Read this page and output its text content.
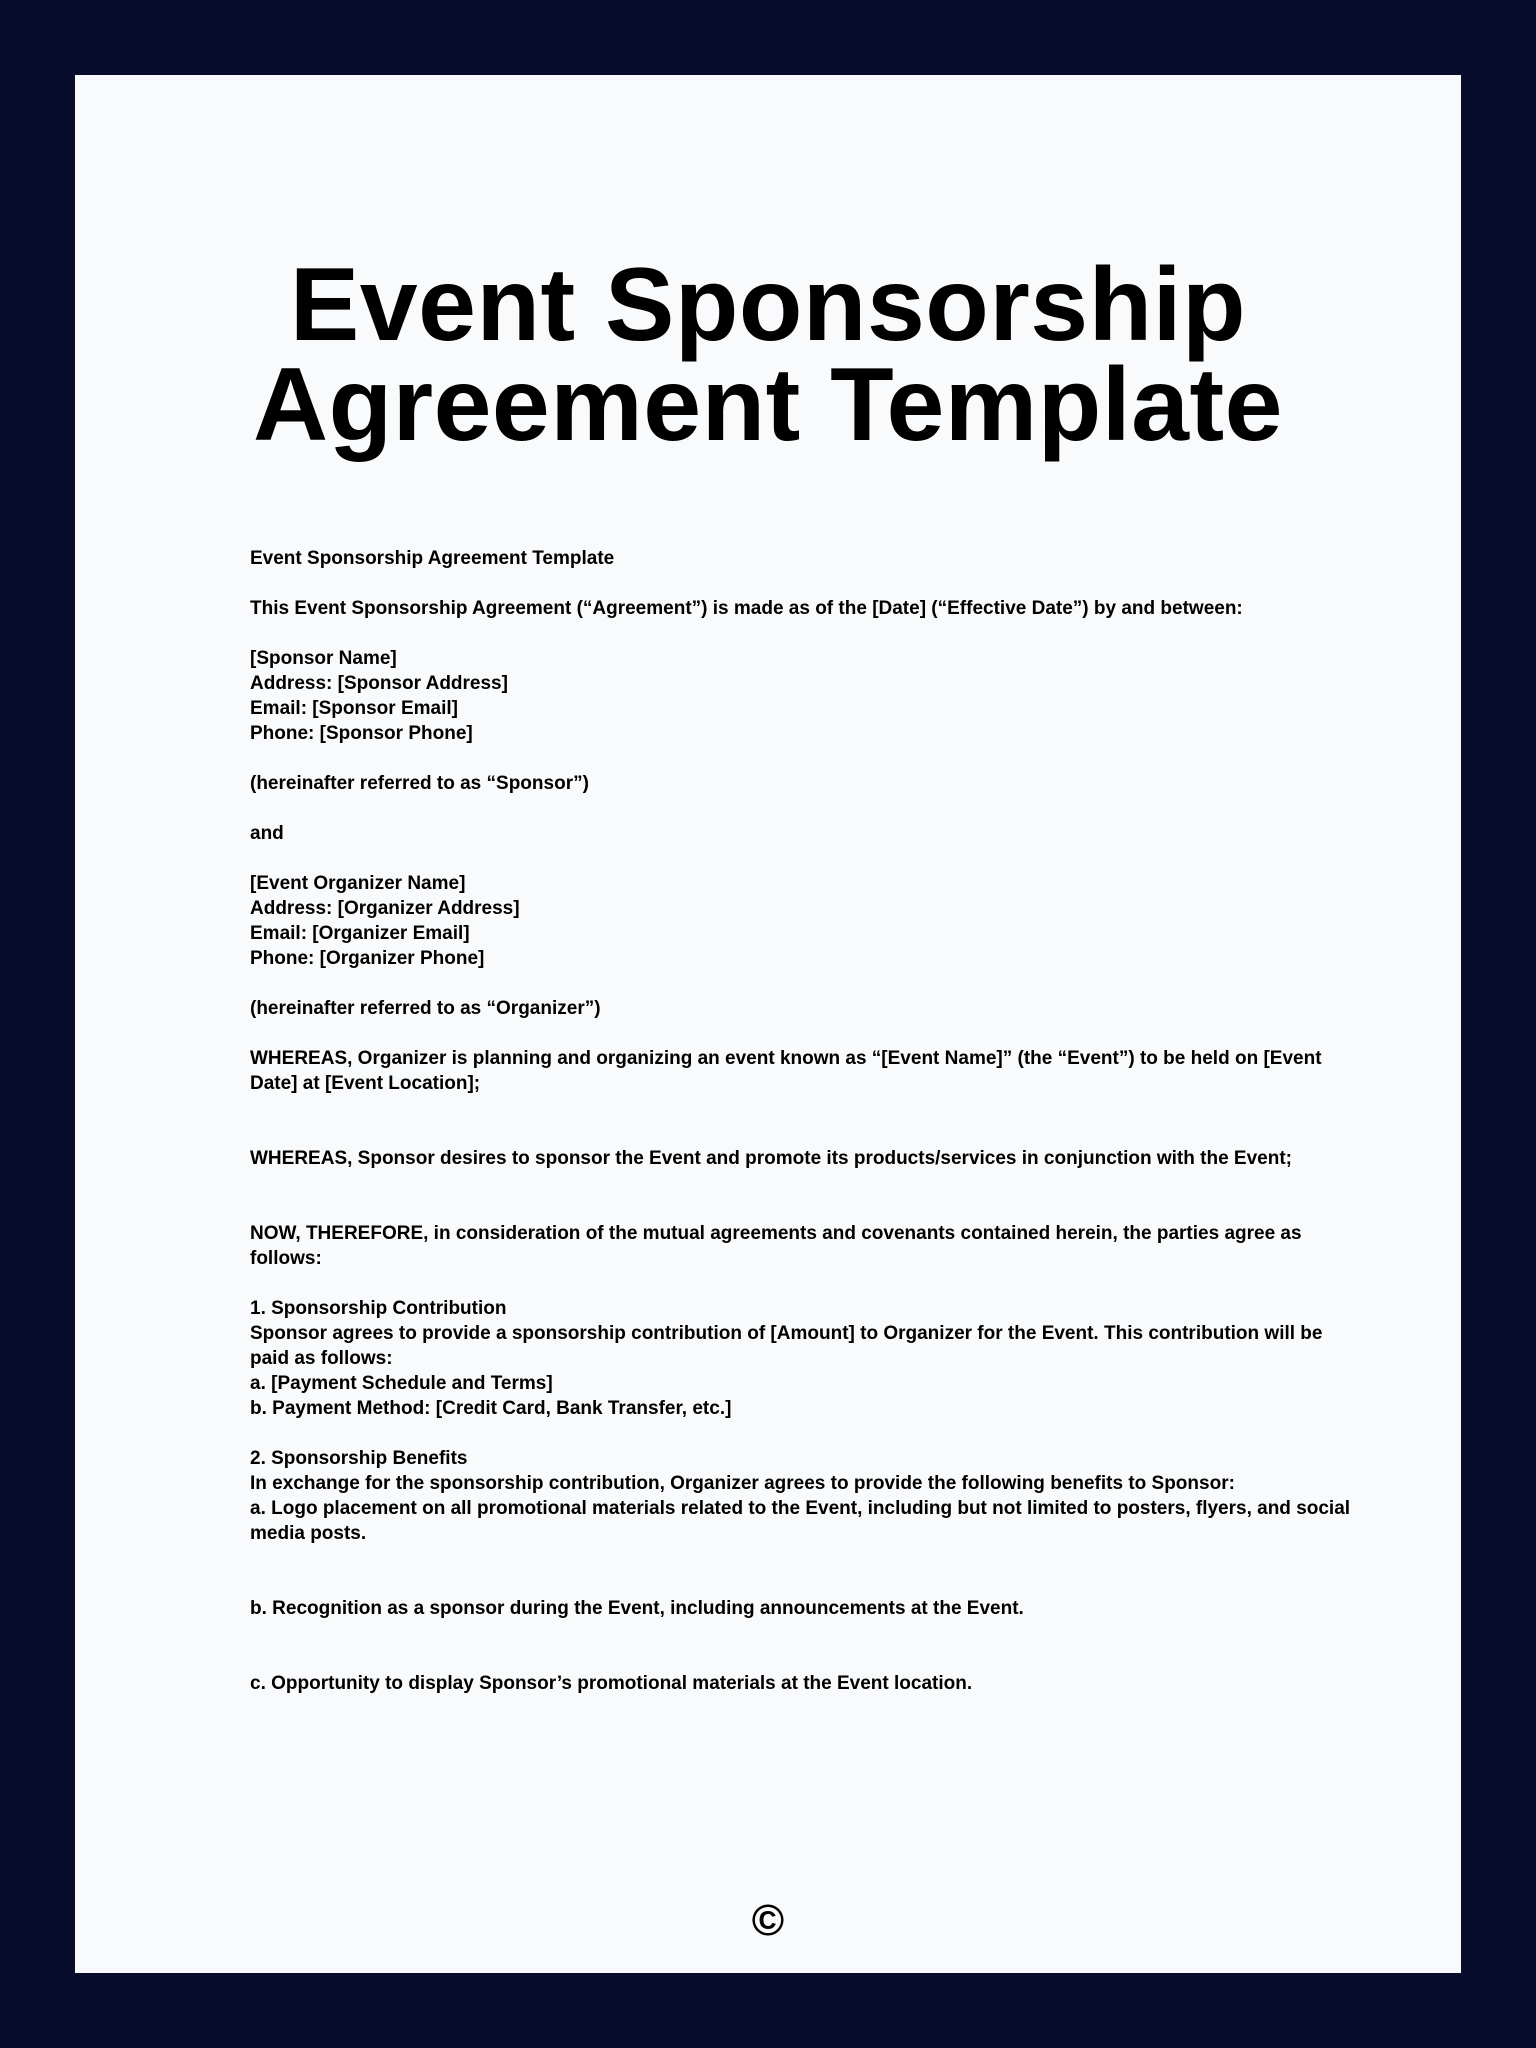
Event Sponsorship
Agreement Template

Event Sponsorship Agreement Template

This Event Sponsorship Agreement (“Agreement”) is made as of the [Date] (“Effective Date”) by and between:

[Sponsor Name]
Address: [Sponsor Address]
Email: [Sponsor Email]
Phone: [Sponsor Phone]

(hereinafter referred to as “Sponsor”)

and

[Event Organizer Name]
Address: [Organizer Address]
Email: [Organizer Email]
Phone: [Organizer Phone]

(hereinafter referred to as “Organizer”)

WHEREAS, Organizer is planning and organizing an event known as “[Event Name]” (the “Event”) to be held on [Event Date] at [Event Location];

WHEREAS, Sponsor desires to sponsor the Event and promote its products/services in conjunction with the Event;

NOW, THEREFORE, in consideration of the mutual agreements and covenants contained herein, the parties agree as follows:

1. Sponsorship Contribution
Sponsor agrees to provide a sponsorship contribution of [Amount] to Organizer for the Event. This contribution will be paid as follows:
a. [Payment Schedule and Terms]
b. Payment Method: [Credit Card, Bank Transfer, etc.]

2. Sponsorship Benefits
In exchange for the sponsorship contribution, Organizer agrees to provide the following benefits to Sponsor:
a. Logo placement on all promotional materials related to the Event, including but not limited to posters, flyers, and social media posts.

b. Recognition as a sponsor during the Event, including announcements at the Event.

c. Opportunity to display Sponsor’s promotional materials at the Event location.

©
